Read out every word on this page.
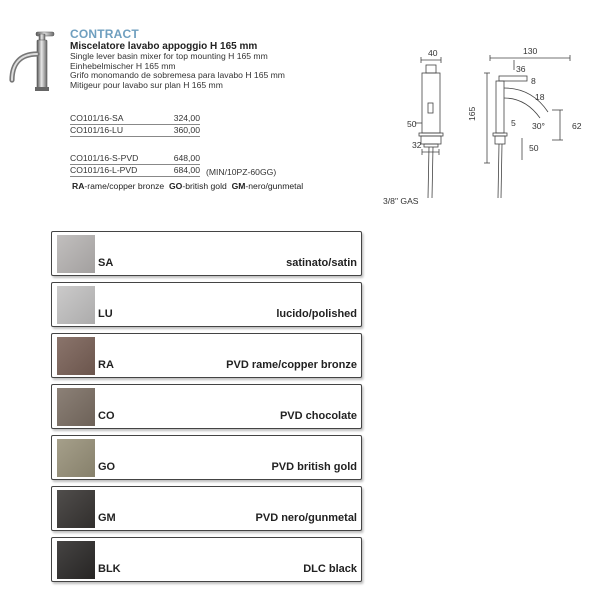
CONTRACT
Miscelatore lavabo appoggio H 165 mm
Single lever basin mixer for top mounting H 165 mm
Einhebelmischer H 165 mm
Grifo monomando de sobremesa para lavabo H 165 mm
Mitigeur pour lavabo sur plan H 165 mm
CO101/16-SA	324,00
CO101/16-LU	360,00
CO101/16-S-PVD	648,00
CO101/16-L-PVD	684,00 (MIN/10PZ-60GG)
RA-rame/copper bronze GO-british gold GM-nero/gunmetal
40	130
36
8
165
18
50	5 30°	62
32	50
3/8" GAS
SA	satinato/satin
LU	lucido/polished
RA	PVD rame/copper bronze
CO	PVD chocolate
GO	PVD british gold
GM	PVD nero/gunmetal
BLK	DLC black
